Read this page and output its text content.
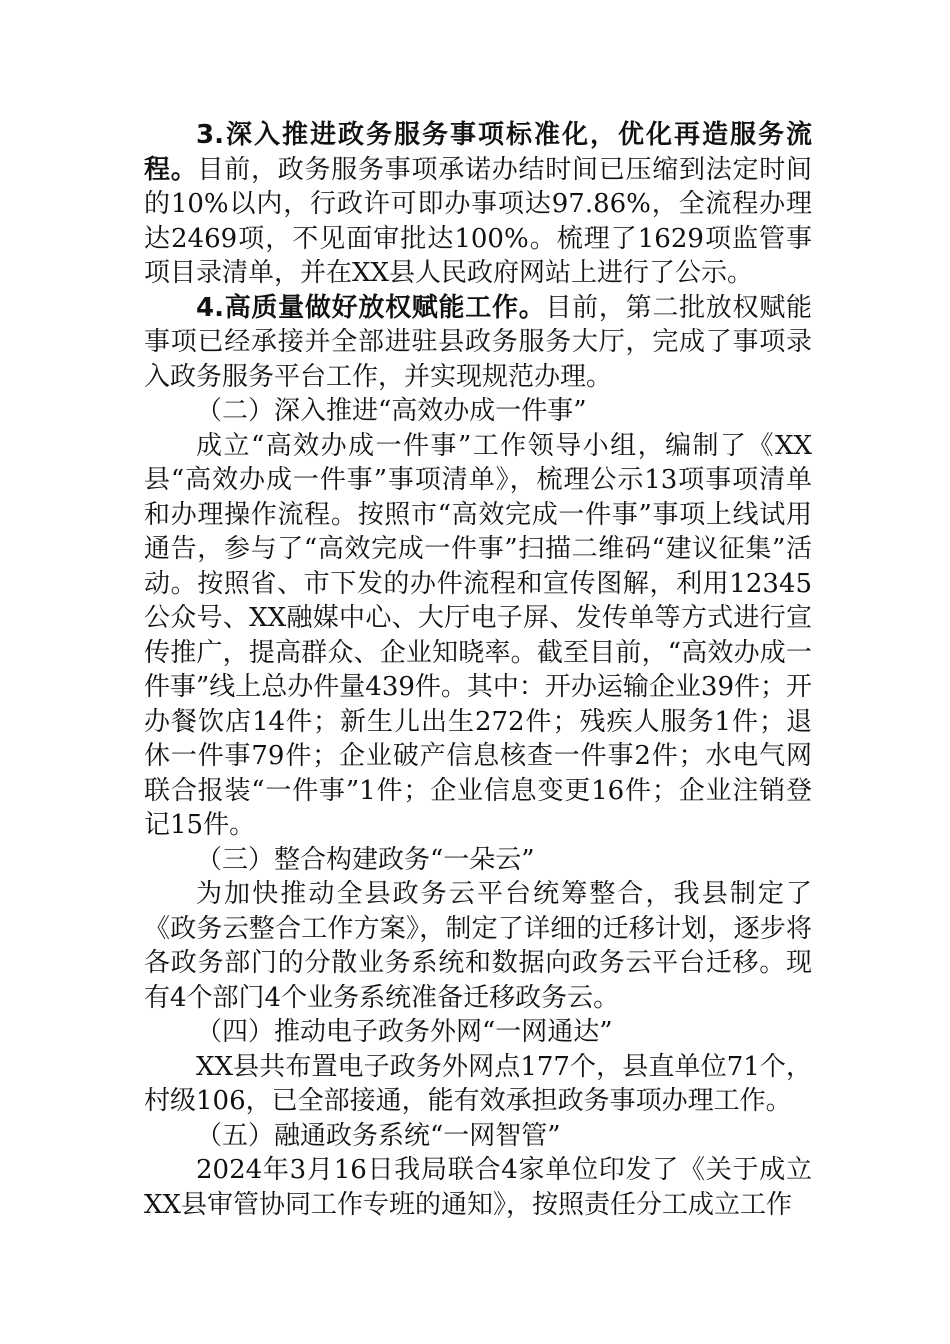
3.深入推进政务服务事项标准化，优化再造服务流程。目前，政务服务事项承诺办结时间已压缩到法定时间的10%以内，行政许可即办事项达97.86%，全流程办理达2469项，不见面审批达100%。梳理了1629项监管事项目录清单，并在XX县人民政府网站上进行了公示。

4.高质量做好放权赋能工作。目前，第二批放权赋能事项已经承接并全部进驻县政务服务大厅，完成了事项录入政务服务平台工作，并实现规范办理。

（二）深入推进“高效办成一件事”

成立“高效办成一件事”工作领导小组，编制了《XX县“高效办成一件事”事项清单》，梳理公示13项事项清单和办理操作流程。按照市“高效完成一件事”事项上线试用通告，参与了“高效完成一件事”扫描二维码“建议征集”活动。按照省、市下发的办件流程和宣传图解，利用12345公众号、XX融媒中心、大厅电子屏、发传单等方式进行宣传推广，提高群众、企业知晓率。截至目前，“高效办成一件事”线上总办件量439件。其中：开办运输企业39件；开办餐饮店14件；新生儿出生272件；残疾人服务1件；退休一件事79件；企业破产信息核查一件事2件；水电气网联合报装“一件事”1件；企业信息变更16件；企业注销登记15件。

（三）整合构建政务“一朵云”

为加快推动全县政务云平台统筹整合，我县制定了《政务云整合工作方案》，制定了详细的迁移计划，逐步将各政务部门的分散业务系统和数据向政务云平台迁移。现有4个部门4个业务系统准备迁移政务云。

（四）推动电子政务外网“一网通达”

XX县共布置电子政务外网点177个，县直单位71个，村级106，已全部接通，能有效承担政务事项办理工作。

（五）融通政务系统“一网智管”

2024年3月16日我局联合4家单位印发了《关于成立XX县审管协同工作专班的通知》，按照责任分工成立工作
